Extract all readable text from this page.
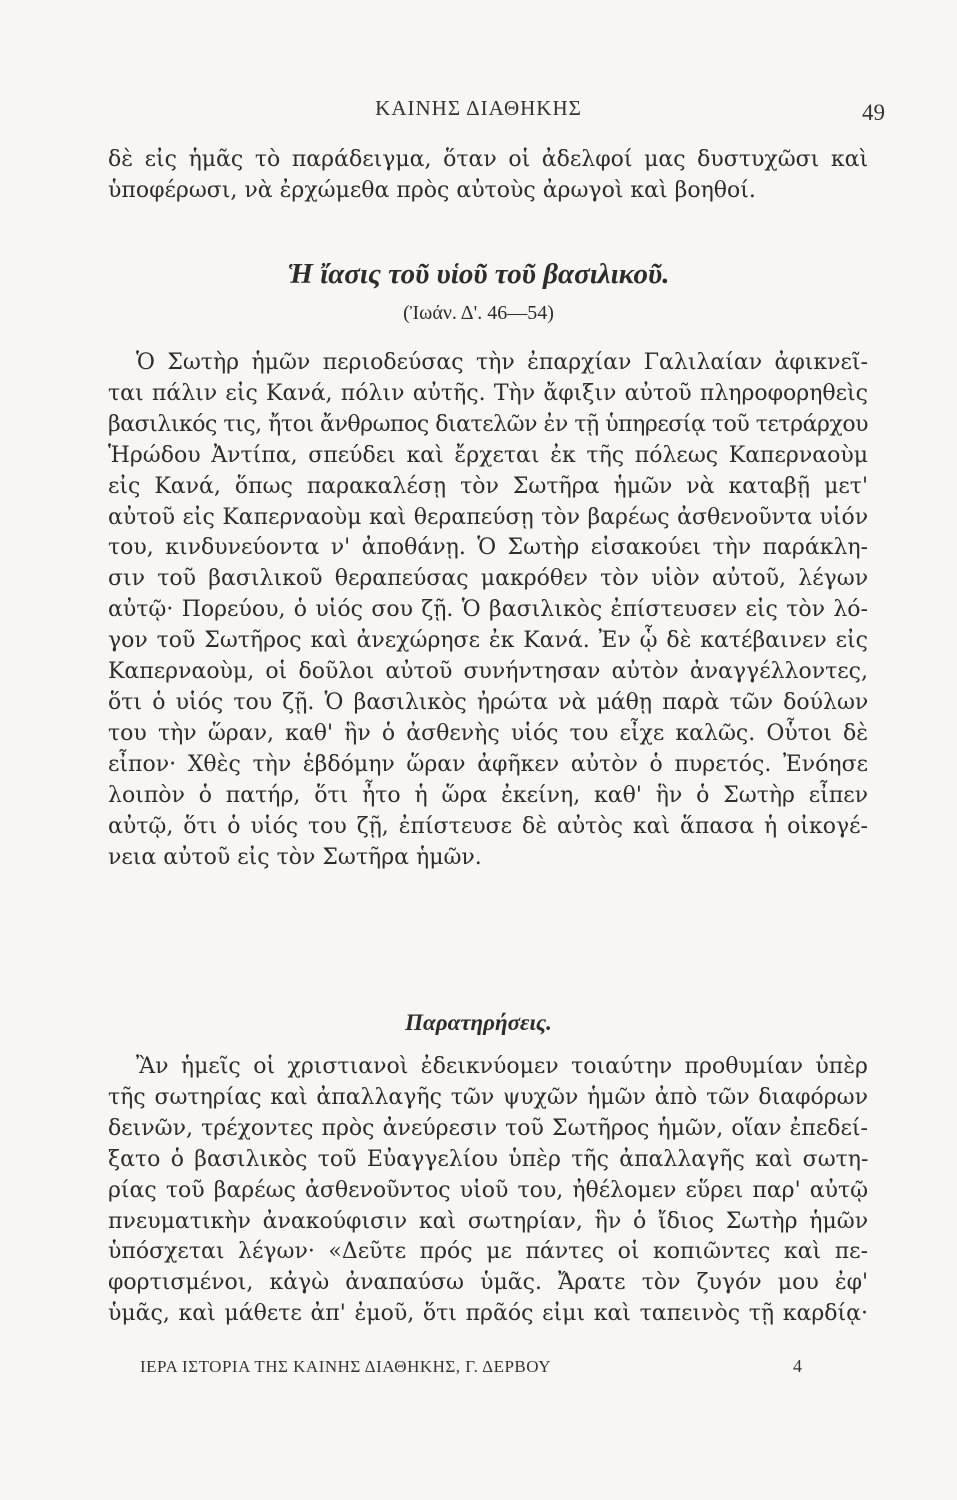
ΚΑΙΝΗΣ ΔΙΑΘΗΚΗΣ	49
δὲ εἰς ἡμᾶς τὸ παράδειγμα, ὅταν οἱ ἀδελφοί μας δυστυχῶσι καὶ
ὑποφέρωσι, νὰ ἐρχώμεθα πρὸς αὐτοὺς ἀρωγοὶ καὶ βοηθοί.
Ἡ ἴασις τοῦ υἱοῦ τοῦ βασιλικοῦ.

(Ἰωάν. Δ'. 46—54)

Ὁ Σωτὴρ ἡμῶν περιοδεύσας τὴν ἐπαρχίαν Γαλιλαίαν ἀφικνεῖ-
ται πάλιν εἰς Κανά, πόλιν αὐτῆς. Τὴν ἄφιξιν αὐτοῦ πληροφορηθεὶς
βασιλικός τις, ἤτοι ἄνθρωπος διατελῶν ἐν τῇ ὑπηρεσίᾳ τοῦ τετράρχου
Ἡρώδου Ἀντίπα, σπεύδει καὶ ἔρχεται ἐκ τῆς πόλεως Καπερναοὺμ
εἰς Κανά, ὅπως παρακαλέσῃ τὸν Σωτῆρα ἡμῶν νὰ καταβῇ μετ'
αὐτοῦ εἰς Καπερναοὺμ καὶ θεραπεύσῃ τὸν βαρέως ἀσθενοῦντα υἱόν
του, κινδυνεύοντα ν' ἀποθάνῃ. Ὁ Σωτὴρ εἰσακούει τὴν παράκλη-
σιν τοῦ βασιλικοῦ θεραπεύσας μακρόθεν τὸν υἱὸν αὐτοῦ, λέγων
αὐτῷ· Πορεύου, ὁ υἱός σου ζῇ. Ὁ βασιλικὸς ἐπίστευσεν εἰς τὸν λό-
γον τοῦ Σωτῆρος καὶ ἀνεχώρησε ἐκ Κανά. Ἐν ᾧ δὲ κατέβαινεν εἰς
Καπερναοὺμ, οἱ δοῦλοι αὐτοῦ συνήντησαν αὐτὸν ἀναγγέλλοντες,
ὅτι ὁ υἱός του ζῇ. Ὁ βασιλικὸς ἠρώτα νὰ μάθῃ παρὰ τῶν δούλων
του τὴν ὥραν, καθ' ἣν ὁ ἀσθενὴς υἱός του εἶχε καλῶς. Οὗτοι δὲ
εἶπον· Χθὲς τὴν ἑβδόμην ὥραν ἀφῆκεν αὐτὸν ὁ πυρετός. Ἐνόησε
λοιπὸν ὁ πατήρ, ὅτι ἦτο ἡ ὥρα ἐκείνη, καθ' ἣν ὁ Σωτὴρ εἶπεν
αὐτῷ, ὅτι ὁ υἱός του ζῇ, ἐπίστευσε δὲ αὐτὸς καὶ ἅπασα ἡ οἰκογέ-
νεια αὐτοῦ εἰς τὸν Σωτῆρα ἡμῶν.
Παρατηρήσεις.
Ἂν ἡμεῖς οἱ χριστιανοὶ ἐδεικνύομεν τοιαύτην προθυμίαν ὑπὲρ
τῆς σωτηρίας καὶ ἀπαλλαγῆς τῶν ψυχῶν ἡμῶν ἀπὸ τῶν διαφόρων
δεινῶν, τρέχοντες πρὸς ἀνεύρεσιν τοῦ Σωτῆρος ἡμῶν, οἵαν ἐπεδεί-
ξατο ὁ βασιλικὸς τοῦ Εὐαγγελίου ὑπὲρ τῆς ἀπαλλαγῆς καὶ σωτη-
ρίας τοῦ βαρέως ἀσθενοῦντος υἱοῦ του, ἠθέλομεν εὕρει παρ' αὐτῷ
πνευματικὴν ἀνακούφισιν καὶ σωτηρίαν, ἣν ὁ ἴδιος Σωτὴρ ἡμῶν
ὑπόσχεται λέγων· «Δεῦτε πρός με πάντες οἱ κοπιῶντες καὶ πε-
φορτισμένοι, κἀγὼ ἀναπαύσω ὑμᾶς. Ἄρατε τὸν ζυγόν μου ἐφ'
ὑμᾶς, καὶ μάθετε ἀπ' ἐμοῦ, ὅτι πρᾶός εἰμι καὶ ταπεινὸς τῇ καρδίᾳ·
ΙΕΡΑ ΙΣΤΟΡΙΑ ΤΗΣ ΚΑΙΝΗΣ ΔΙΑΘΗΚΗΣ, Γ. ΔΕΡΒΟΥ	4
